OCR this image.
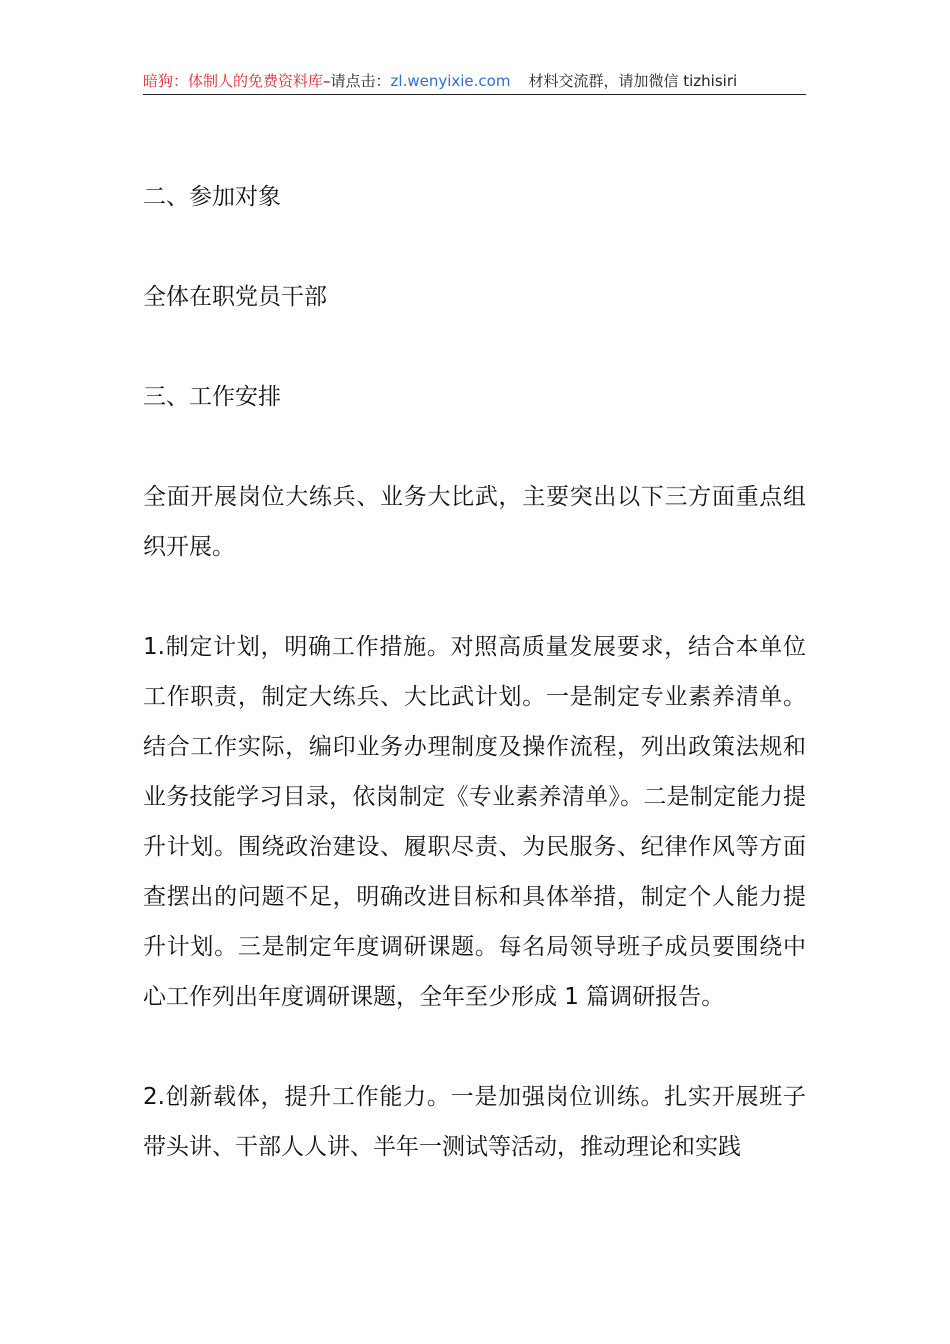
暗狗：体制人的免费资料库–请点击：zl.wenyixie.com 材料交流群，请加微信 tizhisiri

二、参加对象

全体在职党员干部

三、工作安排

全面开展岗位大练兵、业务大比武，主要突出以下三方面重点组织开展。

1.制定计划，明确工作措施。对照高质量发展要求，结合本单位工作职责，制定大练兵、大比武计划。一是制定专业素养清单。结合工作实际，编印业务办理制度及操作流程，列出政策法规和业务技能学习目录，依岗制定《专业素养清单》。二是制定能力提升计划。围绕政治建设、履职尽责、为民服务、纪律作风等方面查摆出的问题不足，明确改进目标和具体举措，制定个人能力提升计划。三是制定年度调研课题。每名局领导班子成员要围绕中心工作列出年度调研课题，全年至少形成 1 篇调研报告。

2.创新载体，提升工作能力。一是加强岗位训练。扎实开展班子带头讲、干部人人讲、半年一测试等活动，推动理论和实践
